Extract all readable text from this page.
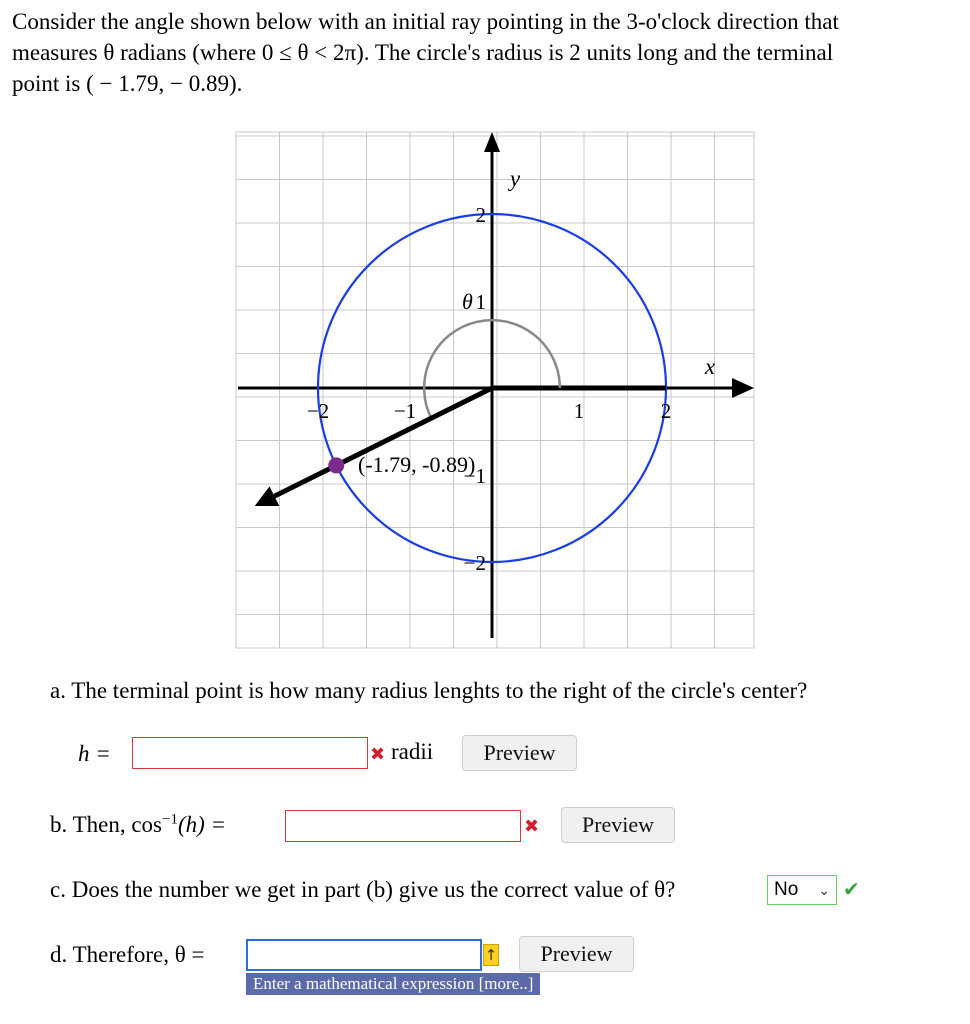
Consider the angle shown below with an initial ray pointing in the 3-o'clock direction that
measures θ radians (where 0 ≤ θ < 2π). The circle's radius is 2 units long and the terminal
point is ( − 1.79, − 0.89).
−2	−1	1	2
2
1
−1
−2
x
y
θ
(-1.79, -0.89)
a. The terminal point is how many radius lenghts to the right of the circle's center?
h =	✖ radii	Preview
b. Then, $\cos^{-1}(h)$ =	✖	Preview
c. Does the number we get in part (b) give us the correct value of θ?	No ⌄ ✔
d. Therefore, θ =	↑	Preview
Enter a mathematical expression [more..]
